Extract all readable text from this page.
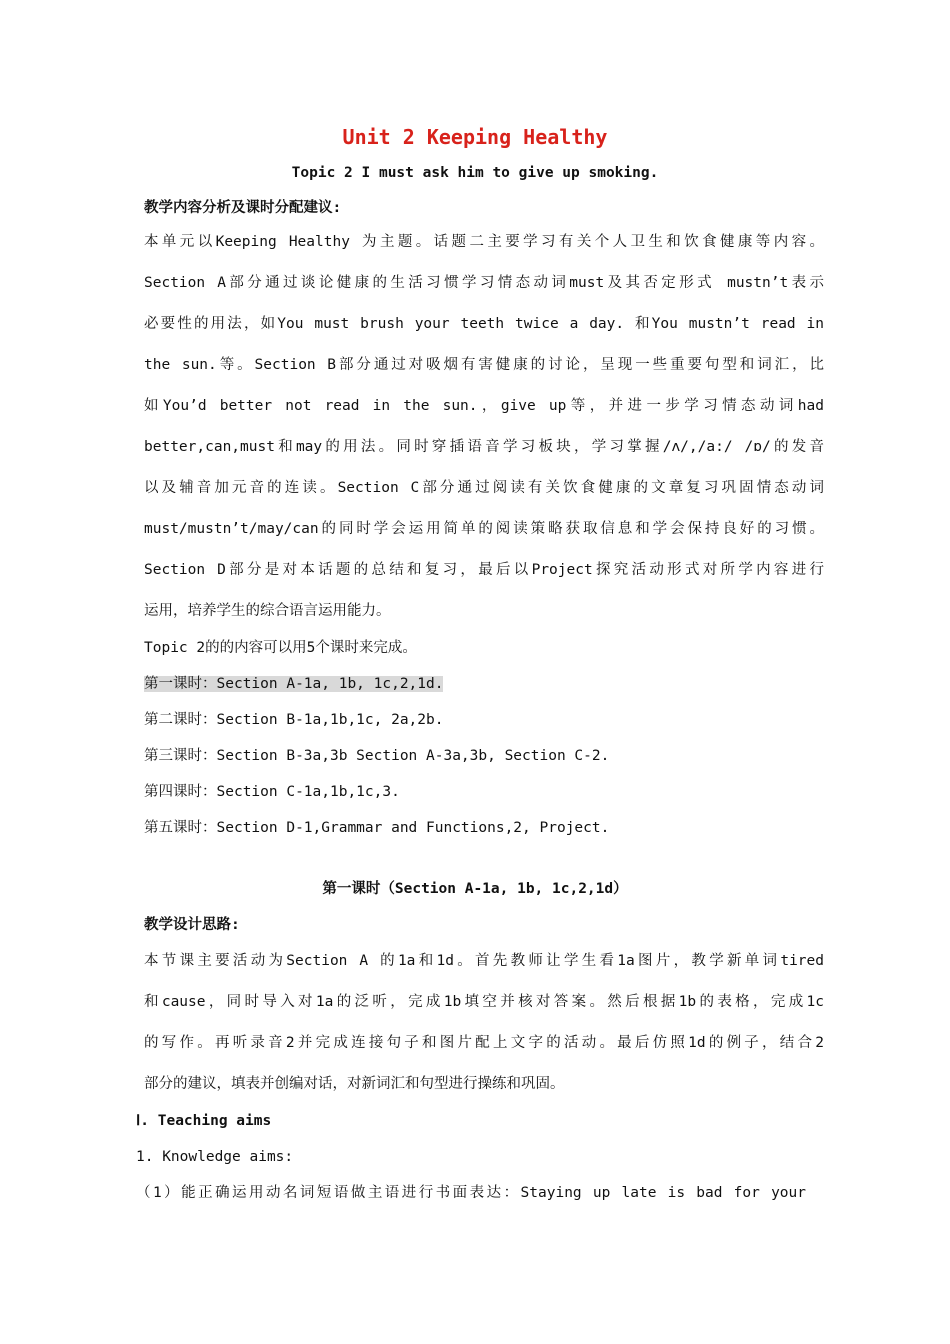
Unit 2 Keeping Healthy
Topic 2 I must ask him to give up smoking.
教学内容分析及课时分配建议:
本单元以Keeping Healthy 为主题。话题二主要学习有关个人卫生和饮食健康等内容。
Section A部分通过谈论健康的生活习惯学习情态动词must及其否定形式 mustn’t表示
必要性的用法，如You must brush your teeth twice a day. 和You mustn’t read in
the sun.等。Section B部分通过对吸烟有害健康的讨论，呈现一些重要句型和词汇，比
如You’d better not read in the sun.，give up等，并进一步学习情态动词had
better,can,must和may的用法。同时穿插语音学习板块，学习掌握/ʌ/,/a:/ /ɒ/的发音
以及辅音加元音的连读。Section C部分通过阅读有关饮食健康的文章复习巩固情态动词
must/mustn’t/may/can的同时学会运用简单的阅读策略获取信息和学会保持良好的习惯。
Section D部分是对本话题的总结和复习，最后以Project探究活动形式对所学内容进行
运用，培养学生的综合语言运用能力。
Topic 2的的内容可以用5个课时来完成。
第一课时：Section A-1a, 1b, 1c,2,1d.
第二课时：Section B-1a,1b,1c, 2a,2b.
第三课时：Section B-3a,3b Section A-3a,3b, Section C-2.
第四课时：Section C-1a,1b,1c,3.
第五课时：Section D-1,Grammar and Functions,2, Project.
第一课时（Section A-1a, 1b, 1c,2,1d）
教学设计思路:
本节课主要活动为Section A 的1a和1d。首先教师让学生看1a图片，教学新单词tired
和cause，同时导入对1a的泛听，完成1b填空并核对答案。然后根据1b的表格，完成1c
的写作。再听录音2并完成连接句子和图片配上文字的活动。最后仿照1d的例子，结合2
部分的建议，填表并创编对话，对新词汇和句型进行操练和巩固。
Ⅰ. Teaching aims
1. Knowledge aims:
（1）能正确运用动名词短语做主语进行书面表达：Staying up late is bad for your
